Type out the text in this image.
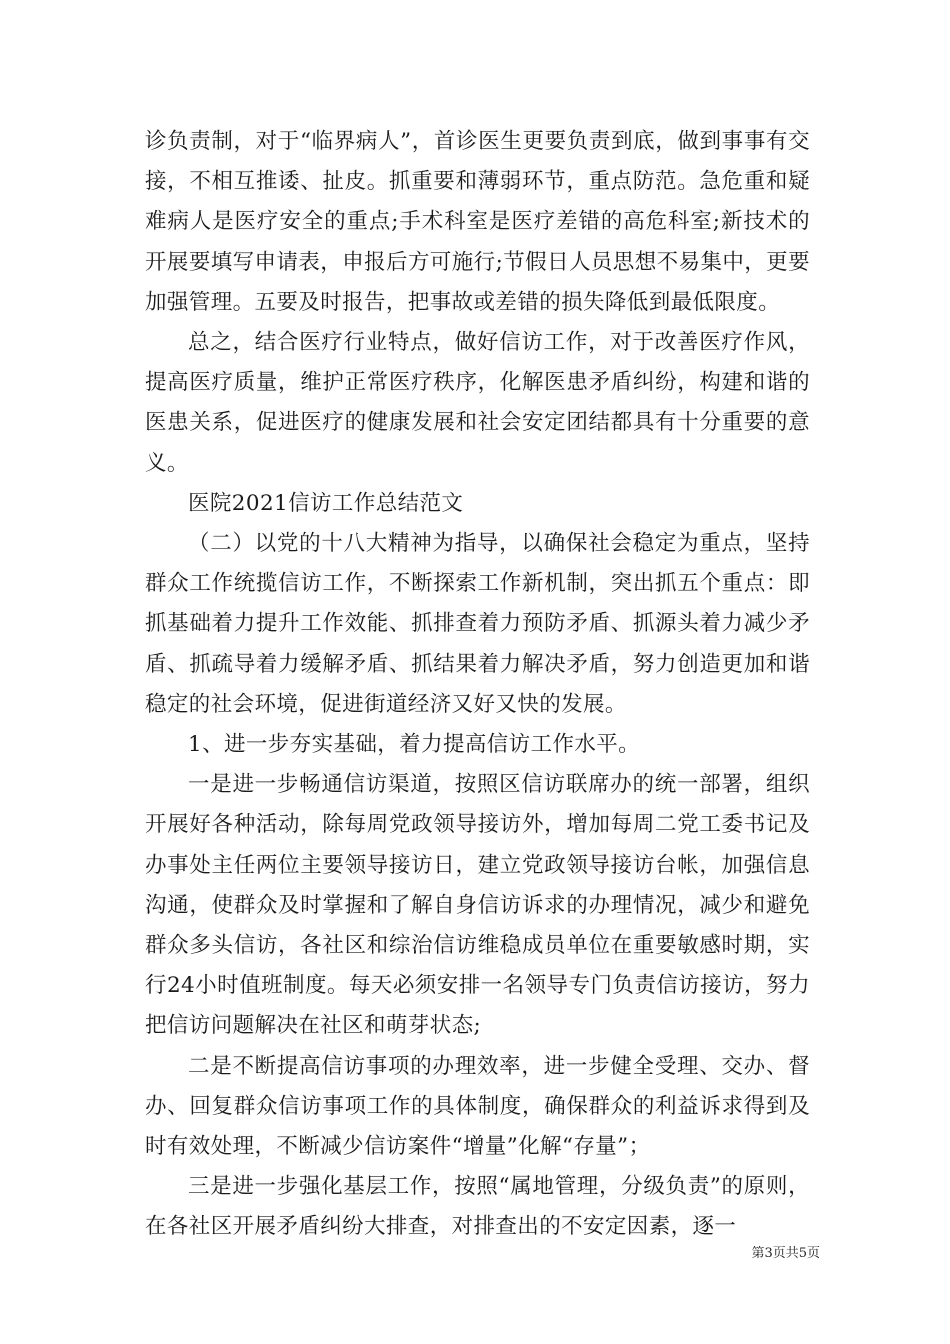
诊负责制，对于“临界病人”，首诊医生更要负责到底，做到事事有交接，不相互推诿、扯皮。抓重要和薄弱环节，重点防范。急危重和疑难病人是医疗安全的重点;手术科室是医疗差错的高危科室;新技术的开展要填写申请表，申报后方可施行;节假日人员思想不易集中，更要加强管理。五要及时报告，把事故或差错的损失降低到最低限度。

总之，结合医疗行业特点，做好信访工作，对于改善医疗作风，提高医疗质量，维护正常医疗秩序，化解医患矛盾纠纷，构建和谐的医患关系，促进医疗的健康发展和社会安定团结都具有十分重要的意义。

医院2021信访工作总结范文

（二）以党的十八大精神为指导，以确保社会稳定为重点，坚持群众工作统揽信访工作，不断探索工作新机制，突出抓五个重点：即抓基础着力提升工作效能、抓排查着力预防矛盾、抓源头着力减少矛盾、抓疏导着力缓解矛盾、抓结果着力解决矛盾，努力创造更加和谐稳定的社会环境，促进街道经济又好又快的发展。

1、进一步夯实基础，着力提高信访工作水平。

一是进一步畅通信访渠道，按照区信访联席办的统一部署，组织开展好各种活动，除每周党政领导接访外，增加每周二党工委书记及办事处主任两位主要领导接访日，建立党政领导接访台帐，加强信息沟通，使群众及时掌握和了解自身信访诉求的办理情况，减少和避免群众多头信访，各社区和综治信访维稳成员单位在重要敏感时期，实行24小时值班制度。每天必须安排一名领导专门负责信访接访，努力把信访问题解决在社区和萌芽状态;

二是不断提高信访事项的办理效率，进一步健全受理、交办、督办、回复群众信访事项工作的具体制度，确保群众的利益诉求得到及时有效处理，不断减少信访案件“增量”化解“存量”；

三是进一步强化基层工作，按照“属地管理，分级负责”的原则，在各社区开展矛盾纠纷大排查，对排查出的不安定因素，逐一

第3页共5页
